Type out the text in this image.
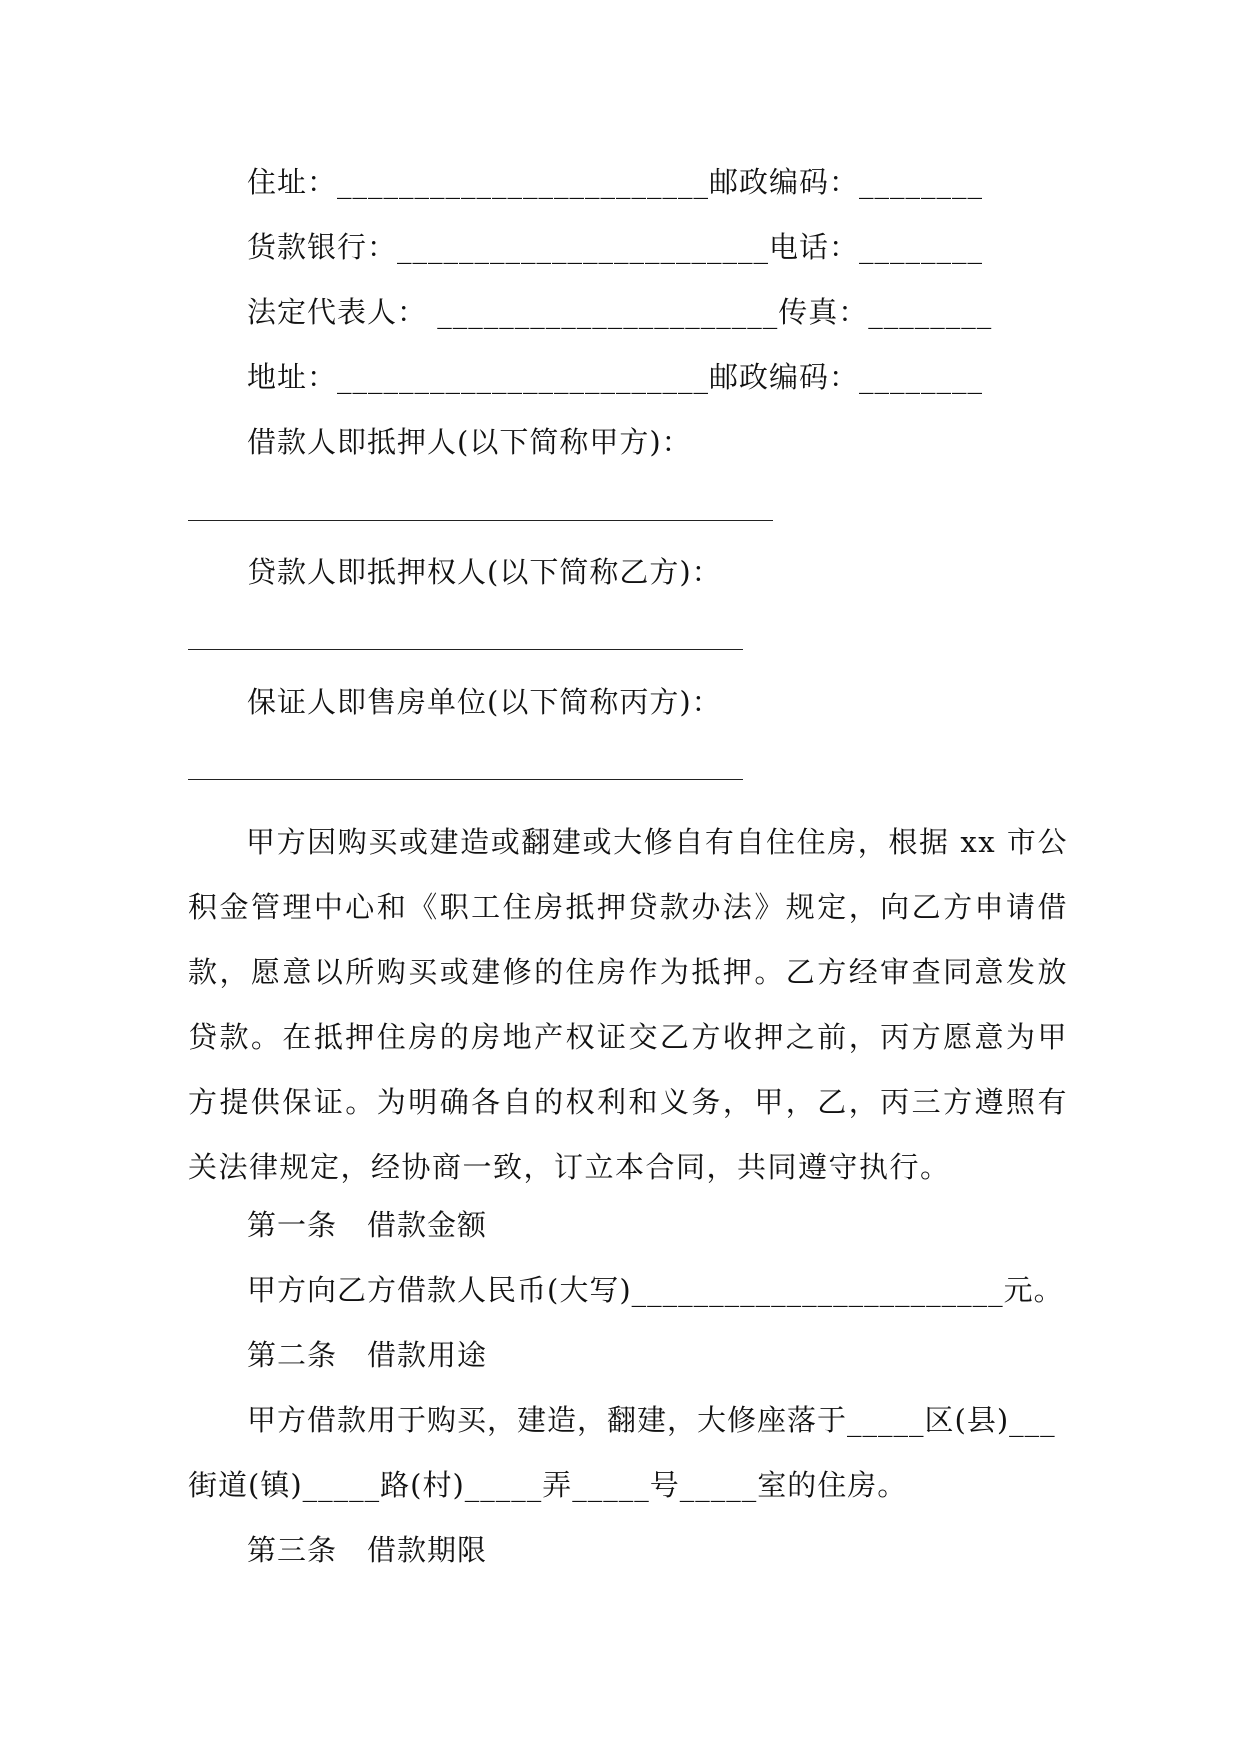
住址：________________________邮政编码：________
货款银行：________________________电话：________
法定代表人： ______________________传真：________
地址：________________________邮政编码：________
借款人即抵押人(以下简称甲方)：
贷款人即抵押权人(以下简称乙方)：
保证人即售房单位(以下简称丙方)：
甲方因购买或建造或翻建或大修自有自住住房，根据 xx 市公积金管理中心和《职工住房抵押贷款办法》规定，向乙方申请借款，愿意以所购买或建修的住房作为抵押。乙方经审查同意发放贷款。在抵押住房的房地产权证交乙方收押之前，丙方愿意为甲方提供保证。为明确各自的权利和义务，甲，乙，丙三方遵照有关法律规定，经协商一致，订立本合同，共同遵守执行。
第一条　借款金额
甲方向乙方借款人民币(大写)________________________元。
第二条　借款用途
甲方借款用于购买，建造，翻建，大修座落于_____区(县)___
街道(镇)_____路(村)_____弄_____号_____室的住房。
第三条　借款期限
